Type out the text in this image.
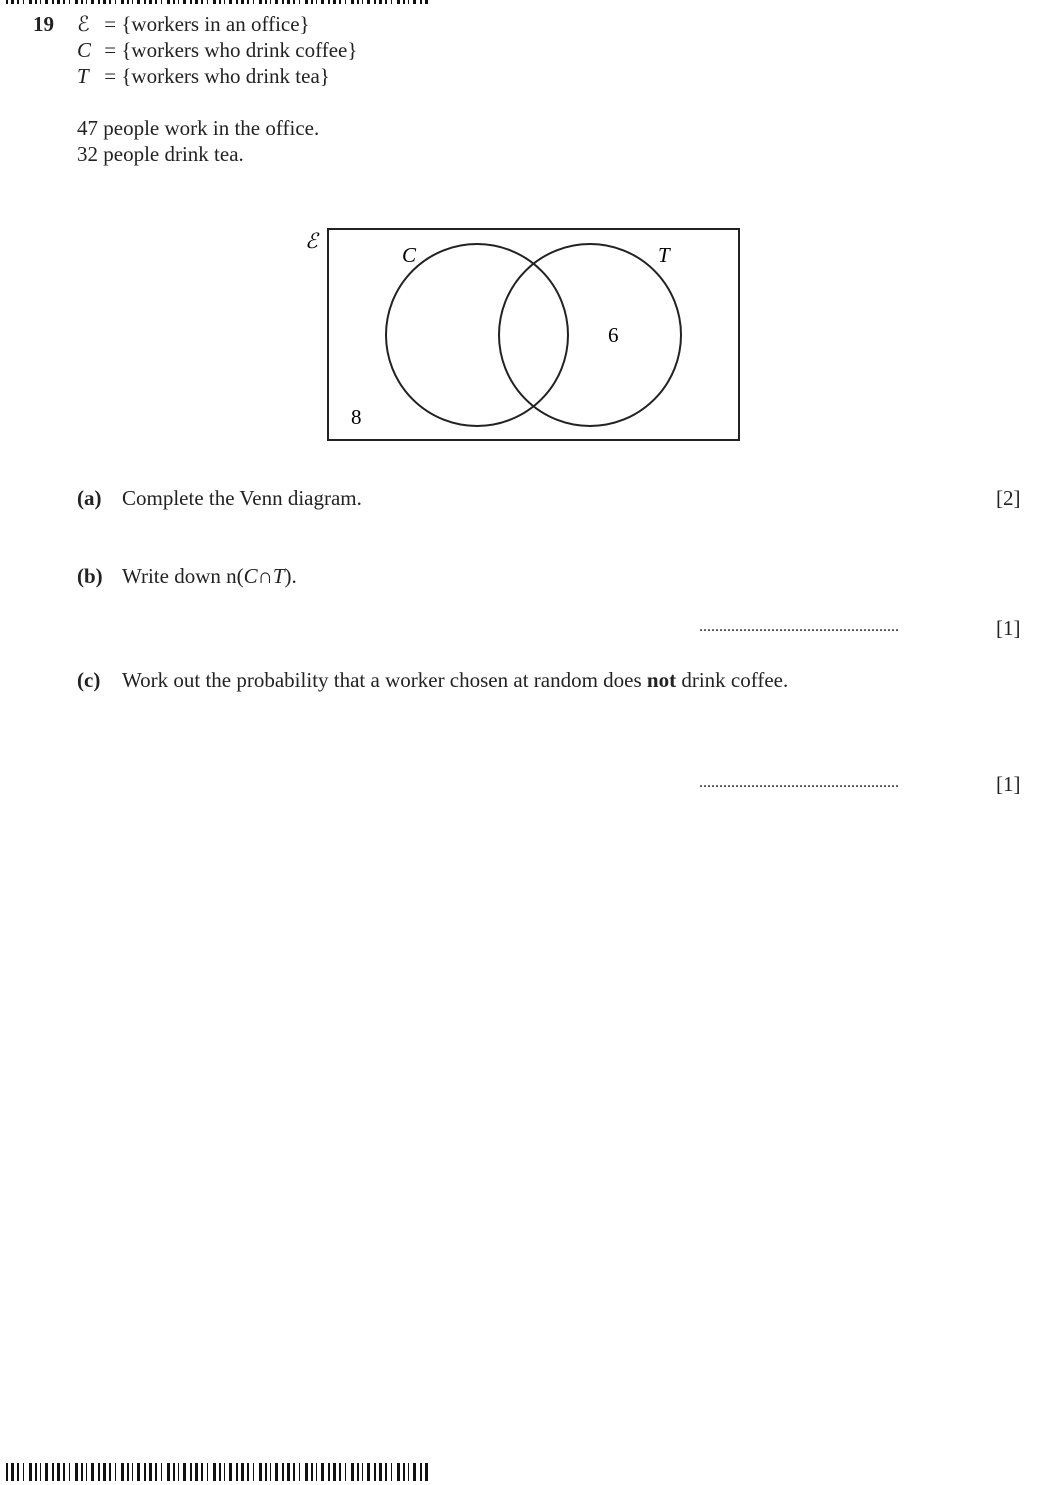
19 ℰ = {workers in an office}
C = {workers who drink coffee}
T = {workers who drink tea}
47 people work in the office.
32 people drink tea.
ℰ
C	T
6
8
(a) Complete the Venn diagram.	[2]
(b) Write down n(C∩T).
..................................................	[1]
(c) Work out the probability that a worker chosen at random does not drink coffee.
..................................................	[1]
